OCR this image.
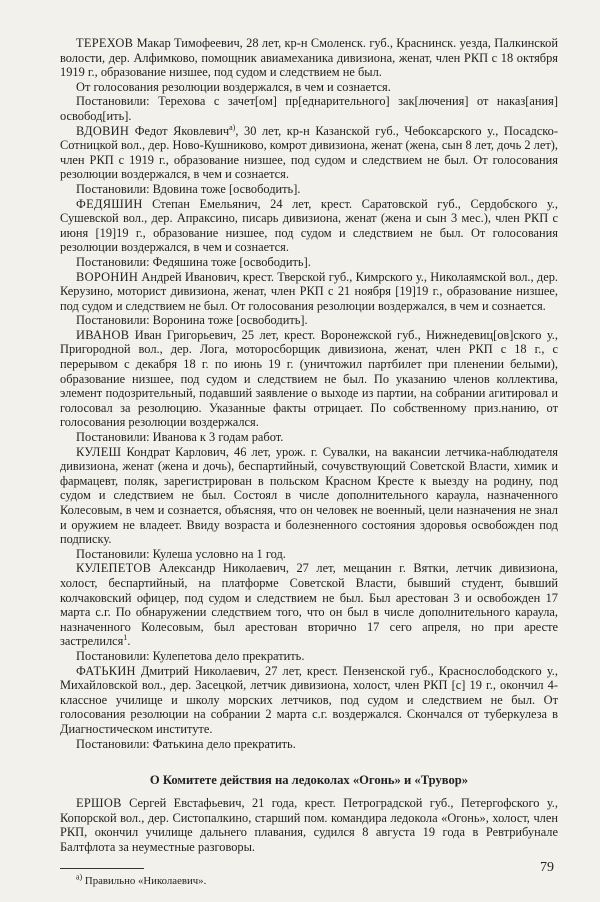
ТЕРЕХОВ Макар Тимофеевич, 28 лет, кр-н Смоленск. губ., Краснинск. уезда, Палкинской волости, дер. Алфимково, помощник авиамеханика дивизиона, женат, член РКП с 18 октября 1919 г., образование низшее, под судом и следствием не был.

От голосования резолюции воздержался, в чем и сознается.

Постановили: Терехова с зачет[ом] пр[еднарительного] зак[лючения] от наказ[ания] освобод[ить].

ВДОВИН Федот Яковлевич$^{а)}$, 30 лет, кр-н Казанской губ., Чебоксарского у., Посадско-Сотницкой вол., дер. Ново-Кушниково, комрот дивизиона, женат (жена, сын 8 лет, дочь 2 лет), член РКП с 1919 г., образование низшее, под судом и следствием не был. От голосования резолюции воздержался, в чем и сознается.

Постановили: Вдовина тоже [освободить].

ФЕДЯШИН Степан Емельянич, 24 лет, крест. Саратовской губ., Сердобского у., Сушевской вол., дер. Апраксино, писарь дивизиона, женат (жена и сын 3 мес.), член РКП с июня [19]19 г., образование низшее, под судом и следствием не был. От голосования резолюции воздержался, в чем и сознается.

Постановили: Федяшина тоже [освободить].

ВОРОНИН Андрей Иванович, крест. Тверской губ., Кимрского у., Николаямской вол., дер. Керузино, моторист дивизиона, женат, член РКП с 21 ноября [19]19 г., образование низшее, под судом и следствием не был. От голосования резолюции воздержался, в чем и сознается.

Постановили: Воронина тоже [освободить].

ИВАНОВ Иван Григорьевич, 25 лет, крест. Воронежской губ., Нижнедевиц[ов]ского у., Пригородной вол., дер. Лога, моторосборщик дивизиона, женат, член РКП с 18 г., с перерывом с декабря 18 г. по июнь 19 г. (уничтожил партбилет при пленении белыми), образование низшее, под судом и следствием не был. По указанию членов коллектива, элемент подозрительный, подавший заявление о выходе из партии, на собрании агитировал и голосовал за резолюцию. Указанные факты отрицает. По собственному приз.нанию, от голосования резолюции воздержался.

Постановили: Иванова к 3 годам работ.

КУЛЕШ Кондрат Карлович, 46 лет, урож. г. Сувалки, на вакансии летчика-наблюдателя дивизиона, женат (жена и дочь), беспартийный, сочувствующий Советской Власти, химик и фармацевт, поляк, зарегистрирован в польском Красном Кресте к выезду на родину, под судом и следствием не был. Состоял в числе дополнительного караула, назначенного Колесовым, в чем и сознается, объясняя, что он человек не военный, цели назначения не знал и оружием не владеет. Ввиду возраста и болезненного состояния здоровья освобожден под подписку.

Постановили: Кулеша условно на 1 год.

КУЛЕПЕТОВ Александр Николаевич, 27 лет, мещанин г. Вятки, летчик дивизиона, холост, беспартийный, на платформе Советской Власти, бывший студент, бывший колчаковский офицер, под судом и следствием не был. Был арестован 3 и освобожден 17 марта с.г. По обнаружении следствием того, что он был в числе дополнительного караула, назначенного Колесовым, был арестован вторично 17 сего апреля, но при аресте застрелился$^1$.

Постановили: Кулепетова дело прекратить.

ФАТЬКИН Дмитрий Николаевич, 27 лет, крест. Пензенской губ., Краснослободского у., Михайловской вол., дер. Засецкой, летчик дивизиона, холост, член РКП [с] 19 г., окончил 4-классное училище и школу морских летчиков, под судом и следствием не был. От голосования резолюции на собрании 2 марта с.г. воздержался. Скончался от туберкулеза в Диагностическом институте.

Постановили: Фатькина дело прекратить.

О Комитете действия на ледоколах «Огонь» и «Трувор»

ЕРШОВ Сергей Евстафьевич, 21 года, крест. Петроградской губ., Петергофского у., Копорской вол., дер. Систопалкино, старший пом. командира ледокола «Огонь», холост, член РКП, окончил училище дальнего плавания, судился 8 августа 19 года в Ревтрибунале Балтфлота за неуместные разговоры.

$^{а)}$ Правильно «Николаевич».
79
